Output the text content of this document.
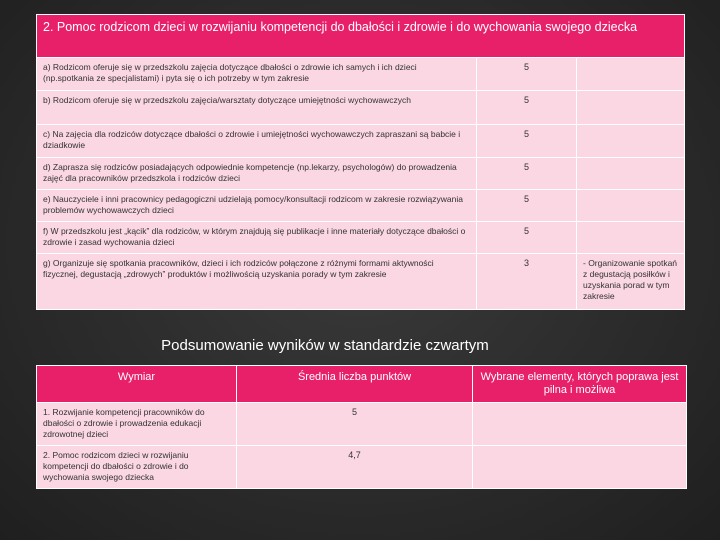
2. Pomoc rodzicom dzieci w rozwijaniu kompetencji do dbałości i zdrowie i do wychowania swojego dziecka		
a) Rodzicom oferuje się w przedszkolu zajęcia dotyczące dbałości o zdrowie ich samych i ich dzieci (np.spotkania ze specjalistami) i pyta się o ich potrzeby w tym zakresie	5	
b) Rodzicom oferuje się w przedszkolu zajęcia/warsztaty dotyczące umiejętności wychowawczych	5	
c) Na zajęcia dla rodziców dotyczące dbałości o zdrowie i umiejętności wychowawczych zapraszani są babcie i dziadkowie	5	
d) Zaprasza się rodziców posiadających odpowiednie kompetencje (np.lekarzy, psychologów) do prowadzenia zajęć dla pracowników przedszkola i rodziców dzieci	5	
e) Nauczyciele i inni pracownicy pedagogiczni udzielają pomocy/konsultacji rodzicom w zakresie rozwiązywania problemów wychowawczych dzieci	5	
f) W przedszkolu jest „kącik” dla rodziców, w którym znajdują się publikacje i inne materiały dotyczące dbałości o zdrowie i zasad wychowania dzieci	5	
g) Organizuje się spotkania pracowników, dzieci i ich rodziców połączone z różnymi formami aktywności fizycznej, degustacją „zdrowych” produktów i możliwością uzyskania porady w tym zakresie	3	- Organizowanie spotkań z degustacją posiłków i uzyskania porad w tym zakresie
Podsumowanie wyników w standardzie czwartym
Wymiar	Średnia liczba punktów	Wybrane elementy, których poprawa jest pilna i możliwa
1. Rozwijanie kompetencji pracowników do dbałości o zdrowie i prowadzenia edukacji zdrowotnej dzieci	5	
2. Pomoc rodzicom dzieci w rozwijaniu kompetencji do dbałości o zdrowie i do wychowania swojego dziecka	4,7	
